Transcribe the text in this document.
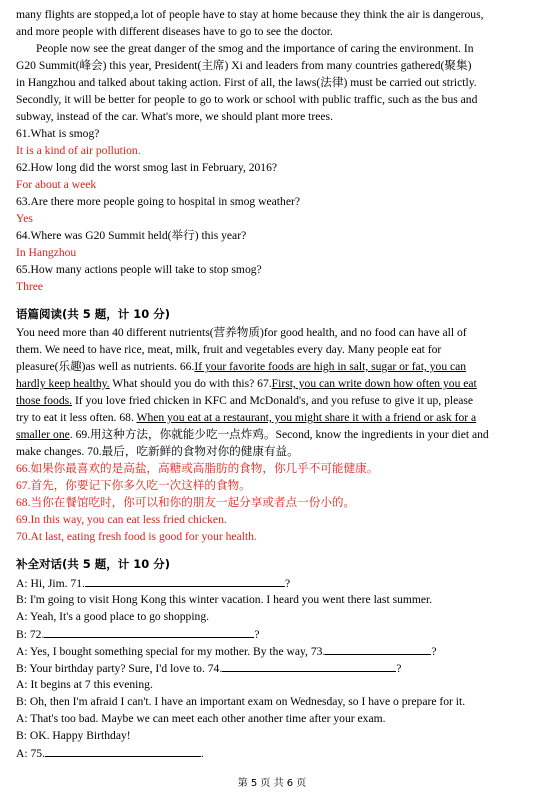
many flights are stopped,a lot of people have to stay at home because they think the air is dangerous,
and more people with different diseases have to go to see the doctor.
People now see the great danger of the smog and the importance of caring the environment. In
G20 Summit(峰会) this year, President(主席) Xi and leaders from many countries gathered(聚集)
in Hangzhou and talked about taking action. First of all, the laws(法律) must be carried out strictly.
Secondly, it will be better for people to go to work or school with public traffic, such as the bus and
subway, instead of the car. What's more, we should plant more trees.
61.What is smog?
It is a kind of air pollution.
62.How long did the worst smog last in February, 2016?
For about a week
63.Are there more people going to hospital in smog weather?
Yes
64.Where was G20 Summit held(举行) this year?
In Hangzhou
65.How many actions people will take to stop smog?
Three
语篇阅读(共 5 题，计 10 分)
You need more than 40 different nutrients(营养物质)for good health, and no food can have all of
them. We need to have rice, meat, milk, fruit and vegetables every day. Many people eat for
pleasure(乐趣)as well as nutrients. 66.If your favorite foods are high in salt, sugar or fat, you can
hardly keep healthy. What should you do with this? 67.First, you can write down how often you eat
those foods. If you love fried chicken in KFC and McDonald's, and you refuse to give it up, please
try to eat it less often. 68. When you eat at a restaurant, you might share it with a friend or ask for a
smaller one. 69.用这种方法，你就能少吃一点炸鸡。Second, know the ingredients in your diet and
make changes. 70.最后，吃新鲜的食物对你的健康有益。
66.如果你最喜欢的是高盐，高糖或高脂肪的食物，你几乎不可能健康。
67.首先，你要记下你多久吃一次这样的食物。
68.当你在餐馆吃时，你可以和你的朋友一起分享或者点一份小的。
69.In this way, you can eat less fried chicken.
70.At last, eating fresh food is good for your health.
补全对话(共 5 题，计 10 分)
A: Hi, Jim. 71.	?
B: I'm going to visit Hong Kong this winter vacation. I heard you went there last summer.
A: Yeah, It's a good place to go shopping.
B: 72.	?
A: Yes, I bought something special for my mother. By the way, 73.	?
B: Your birthday party? Sure, I'd love to. 74.	?
A: It begins at 7 this evening.
B: Oh, then I'm afraid I can't. I have an important exam on Wednesday, so I have o prepare for it.
A: That's too bad. Maybe we can meet each other another time after your exam.
B: OK. Happy Birthday!
A: 75.	.
第 5 页 共 6 页
